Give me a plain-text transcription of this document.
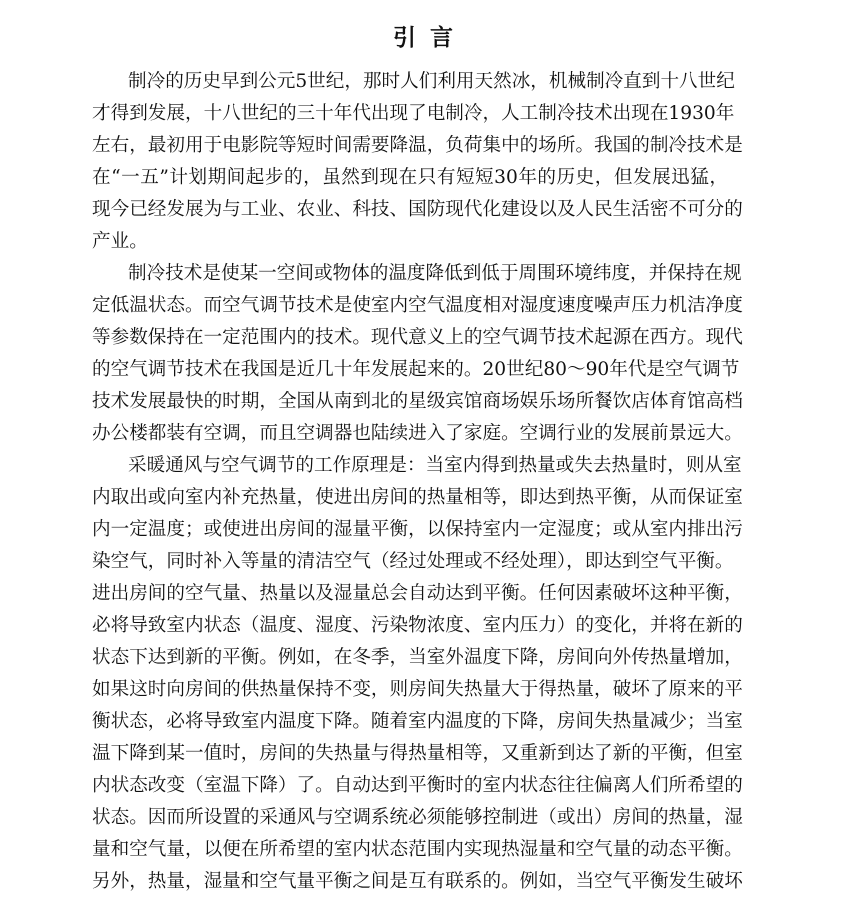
引言

制冷的历史早到公元5世纪，那时人们利用天然冰，机械制冷直到十八世纪

才得到发展，十八世纪的三十年代出现了电制冷，人工制冷技术出现在1930年

左右，最初用于电影院等短时间需要降温，负荷集中的场所。我国的制冷技术是

在“一五”计划期间起步的，虽然到现在只有短短30年的历史，但发展迅猛，

现今已经发展为与工业、农业、科技、国防现代化建设以及人民生活密不可分的

产业。

制冷技术是使某一空间或物体的温度降低到低于周围环境纬度，并保持在规

定低温状态。而空气调节技术是使室内空气温度相对湿度速度噪声压力机洁净度

等参数保持在一定范围内的技术。现代意义上的空气调节技术起源在西方。现代

的空气调节技术在我国是近几十年发展起来的。20世纪80～90年代是空气调节

技术发展最快的时期，全国从南到北的星级宾馆商场娱乐场所餐饮店体育馆高档

办公楼都装有空调，而且空调器也陆续进入了家庭。空调行业的发展前景远大。

采暖通风与空气调节的工作原理是：当室内得到热量或失去热量时，则从室

内取出或向室内补充热量，使进出房间的热量相等，即达到热平衡，从而保证室

内一定温度；或使进出房间的湿量平衡，以保持室内一定湿度；或从室内排出污

染空气，同时补入等量的清洁空气（经过处理或不经处理），即达到空气平衡。

进出房间的空气量、热量以及湿量总会自动达到平衡。任何因素破坏这种平衡，

必将导致室内状态（温度、湿度、污染物浓度、室内压力）的变化，并将在新的

状态下达到新的平衡。例如，在冬季，当室外温度下降，房间向外传热量增加，

如果这时向房间的供热量保持不变，则房间失热量大于得热量，破坏了原来的平

衡状态，必将导致室内温度下降。随着室内温度的下降，房间失热量减少；当室

温下降到某一值时，房间的失热量与得热量相等，又重新到达了新的平衡，但室

内状态改变（室温下降）了。自动达到平衡时的室内状态往往偏离人们所希望的

状态。因而所设置的采通风与空调系统必须能够控制进（或出）房间的热量，湿

量和空气量，以便在所希望的室内状态范围内实现热湿量和空气量的动态平衡。

另外，热量，湿量和空气量平衡之间是互有联系的。例如，当空气平衡发生破坏
